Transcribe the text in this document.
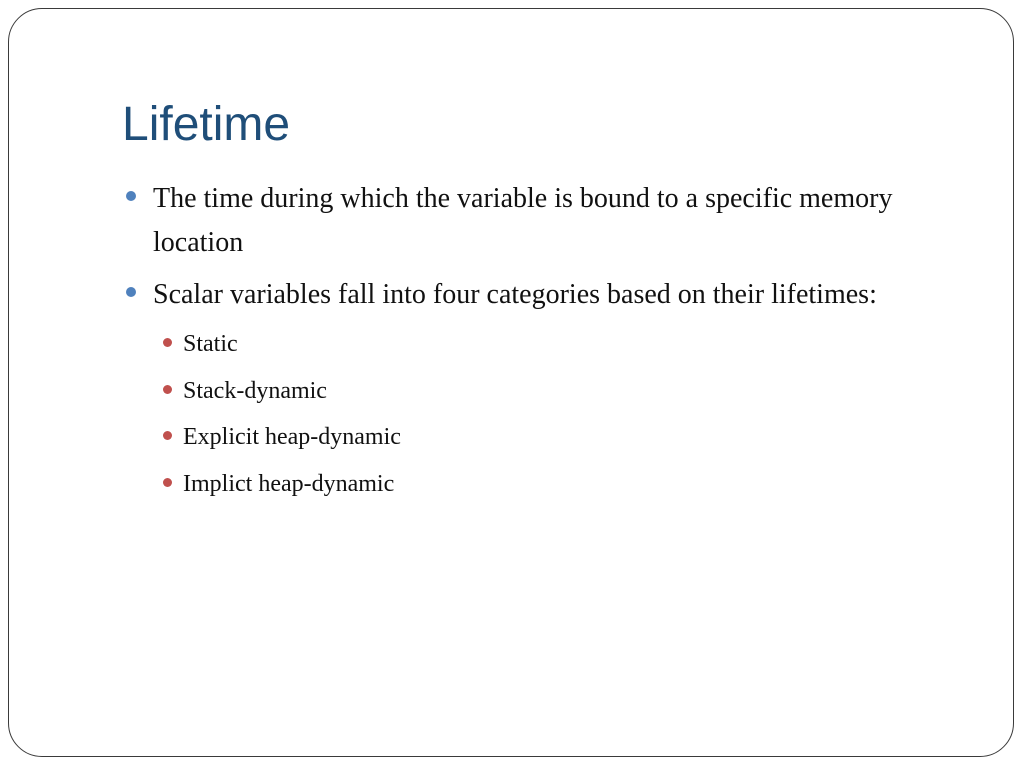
Lifetime
The time during which the variable is bound to a specific memory location
Scalar variables fall into four categories based on their lifetimes:
Static
Stack-dynamic
Explicit heap-dynamic
Implict heap-dynamic
